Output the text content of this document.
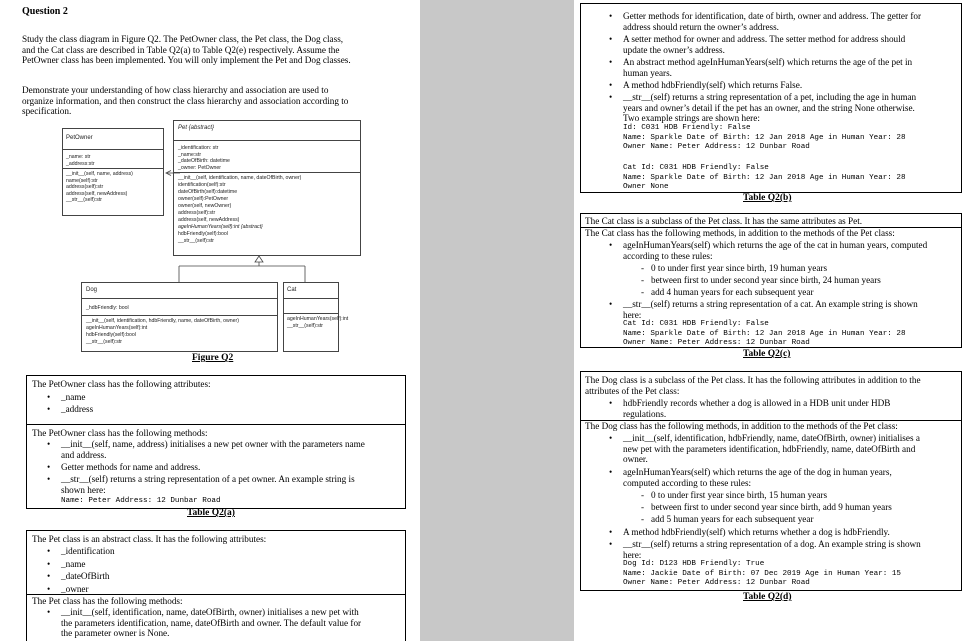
Question 2
Study the class diagram in Figure Q2. The PetOwner class, the Pet class, the Dog class,
and the Cat class are described in Table Q2(a) to Table Q2(e) respectively. Assume the
PetOwner class has been implemented. You will only implement the Pet and Dog classes.
Demonstrate your understanding of how class hierarchy and association are used to
organize information, and then construct the class hierarchy and association according to
specification.
PetOwner
_name: str
_address:str
__init__(self, name, address)
name(self):str
address(self):str
address(self, newAddress)
__str__(self):str
Pet {abstract}
_identification: str
_name:str
_dateOfBirth: datetime
_owner: PetOwner
__init__(self, identification, name, dateOfBirth, owner)
identification(self):str
dateOfBirth(self):datetime
owner(self):PetOwner
owner(self, newOwner)
address(self):str
address(self, newAddress)
ageInHumanYears(self):int {abstract}
hdbFriendly(self):bool
__str__(self):str
Dog
_hdbFriendly: bool
__init__(self, identification, hdbFriendly, name, dateOfBirth, owner)
ageInHumanYears(self):int
hdbFriendly(self):bool
__str__(self):str
Cat
ageInHumanYears(self):int
__str__(self):str
Figure Q2
The PetOwner class has the following attributes:
• _name
• _address
The PetOwner class has the following methods:
• __init__(self, name, address) initialises a new pet owner with the parameters name
and address.
• Getter methods for name and address.
• __str__(self) returns a string representation of a pet owner. An example string is
shown here:
Name: Peter Address: 12 Dunbar Road
Table Q2(a)
The Pet class is an abstract class. It has the following attributes:
• _identification
• _name
• _dateOfBirth
• _owner
The Pet class has the following methods:
• __init__(self, identification, name, dateOfBirth, owner) initialises a new pet with
the parameters identification, name, dateOfBirth and owner. The default value for
the parameter owner is None.
• Getter methods for identification, date of birth, owner and address. The getter for
address should return the owner’s address.
• A setter method for owner and address. The setter method for address should
update the owner’s address.
• An abstract method ageInHumanYears(self) which returns the age of the pet in
human years.
• A method hdbFriendly(self) which returns False.
• __str__(self) returns a string representation of a pet, including the age in human
years and owner’s detail if the pet has an owner, and the string None otherwise.
Two example strings are shown here:
Id: C031 HDB Friendly: False
Name: Sparkle Date of Birth: 12 Jan 2018 Age in Human Year: 28
Owner Name: Peter Address: 12 Dunbar Road
Cat Id: C031 HDB Friendly: False
Name: Sparkle Date of Birth: 12 Jan 2018 Age in Human Year: 28
Owner None
Table Q2(b)
The Cat class is a subclass of the Pet class. It has the same attributes as Pet.
The Cat class has the following methods, in addition to the methods of the Pet class:
• ageInHumanYears(self) which returns the age of the cat in human years, computed
according to these rules:
- 0 to under first year since birth, 19 human years
- between first to under second year since birth, 24 human years
- add 4 human years for each subsequent year
• __str__(self) returns a string representation of a cat. An example string is shown
here:
Cat Id: C031 HDB Friendly: False
Name: Sparkle Date of Birth: 12 Jan 2018 Age in Human Year: 28
Owner Name: Peter Address: 12 Dunbar Road
Table Q2(c)
The Dog class is a subclass of the Pet class. It has the following attributes in addition to the
attributes of the Pet class:
• hdbFriendly records whether a dog is allowed in a HDB unit under HDB
regulations.
The Dog class has the following methods, in addition to the methods of the Pet class:
• __init__(self, identification, hdbFriendly, name, dateOfBirth, owner) initialises a
new pet with the parameters identification, hdbFriendly, name, dateOfBirth and
owner.
• ageInHumanYears(self) which returns the age of the dog in human years,
computed according to these rules:
- 0 to under first year since birth, 15 human years
- between first to under second year since birth, add 9 human years
- add 5 human years for each subsequent year
• A method hdbFriendly(self) which returns whether a dog is hdbFriendly.
• __str__(self) returns a string representation of a dog. An example string is shown
here:
Dog Id: D123 HDB Friendly: True
Name: Jackie Date of Birth: 07 Dec 2019 Age in Human Year: 15
Owner Name: Peter Address: 12 Dunbar Road
Table Q2(d)
